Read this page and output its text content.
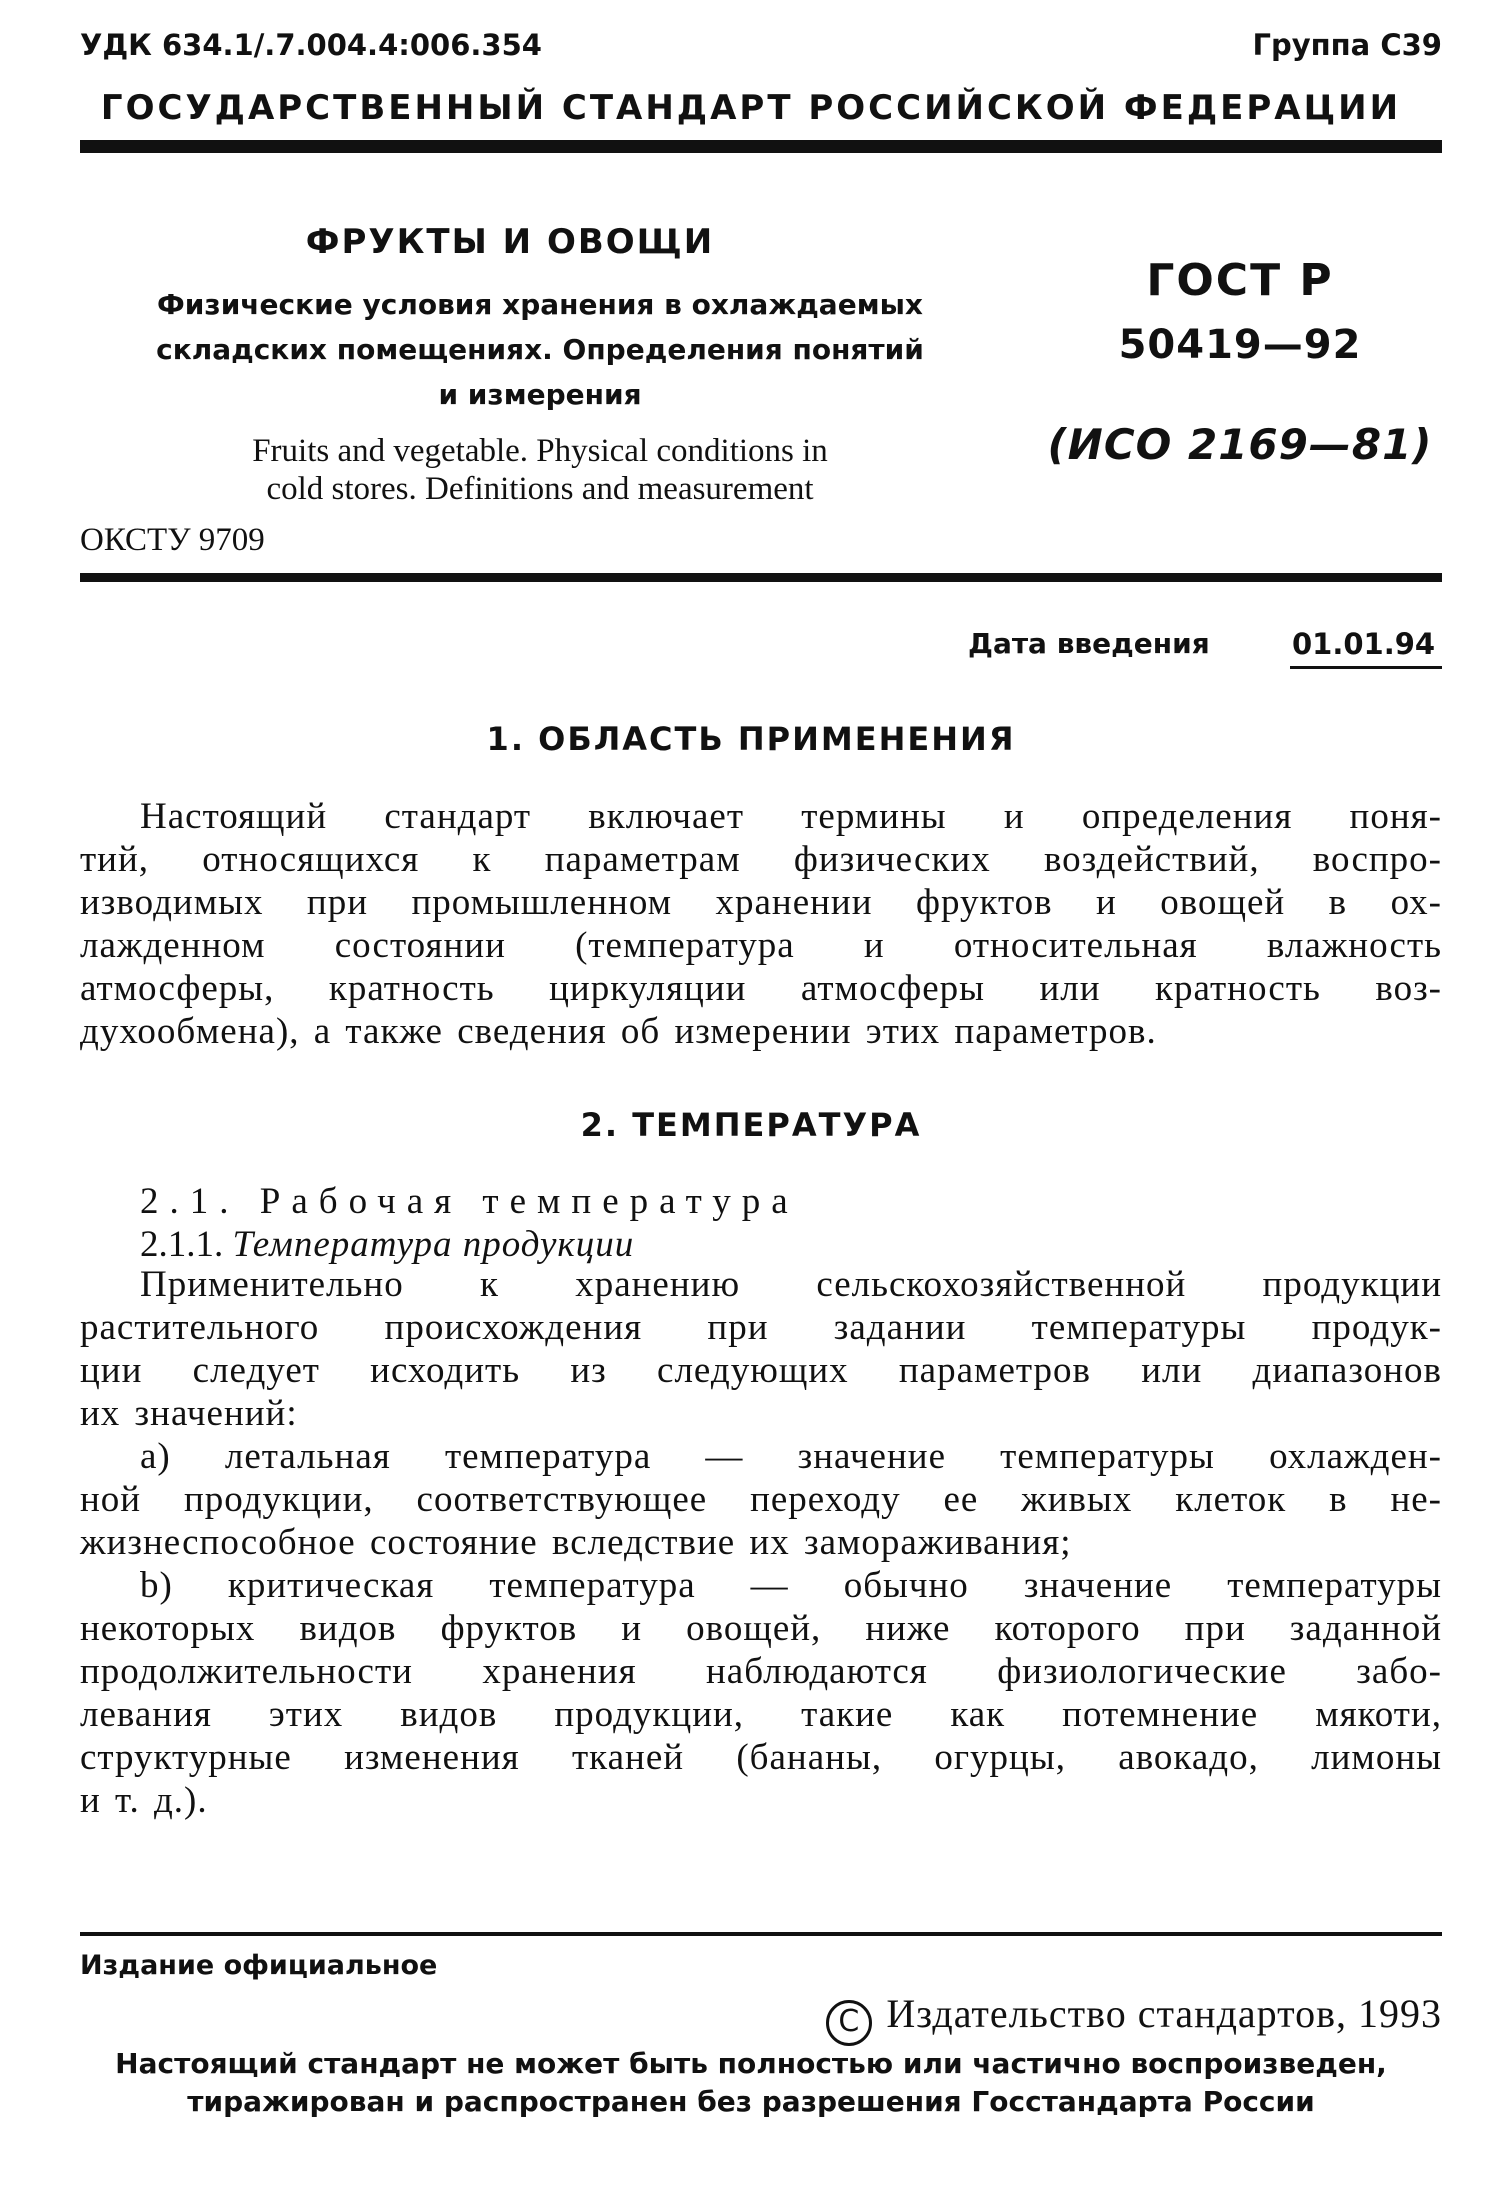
УДК 634.1/.7.004.4:006.354	Группа С39
ГОСУДАРСТВЕННЫЙ СТАНДАРТ РОССИЙСКОЙ ФЕДЕРАЦИИ
ФРУКТЫ И ОВОЩИ
Физические условия хранения в охлаждаемых
складских помещениях. Определения понятий
и измерения
Fruits and vegetable. Physical conditions in
cold stores. Definitions and measurement
ОКСТУ 9709
ГОСТ Р
50419—92
(ИСО 2169—81)
Дата введения	01.01.94
1. ОБЛАСТЬ ПРИМЕНЕНИЯ
Настоящий стандарт включает термины и определения поня-
тий, относящихся к параметрам физических воздействий, воспро-
изводимых при промышленном хранении фруктов и овощей в ох-
лажденном состоянии (температура и относительная влажность
атмосферы, кратность циркуляции атмосферы или кратность воз-
духообмена), а также сведения об измерении этих параметров.
2. ТЕМПЕРАТУРА
2.1. Рабочая температура
2.1.1. Температура продукции
Применительно к хранению сельскохозяйственной продукции
растительного происхождения при задании температуры продук-
ции следует исходить из следующих параметров или диапазонов
их значений:
a) летальная температура — значение температуры охлажден-
ной продукции, соответствующее переходу ее живых клеток в не-
жизнеспособное состояние вследствие их замораживания;
b) критическая температура — обычно значение температуры
некоторых видов фруктов и овощей, ниже которого при заданной
продолжительности хранения наблюдаются физиологические забо-
левания этих видов продукции, такие как потемнение мякоти,
структурные изменения тканей (бананы, огурцы, авокадо, лимоны
и т. д.).
Издание официальное
C Издательство стандартов, 1993
Настоящий стандарт не может быть полностью или частично воспроизведен,
тиражирован и распространен без разрешения Госстандарта России
